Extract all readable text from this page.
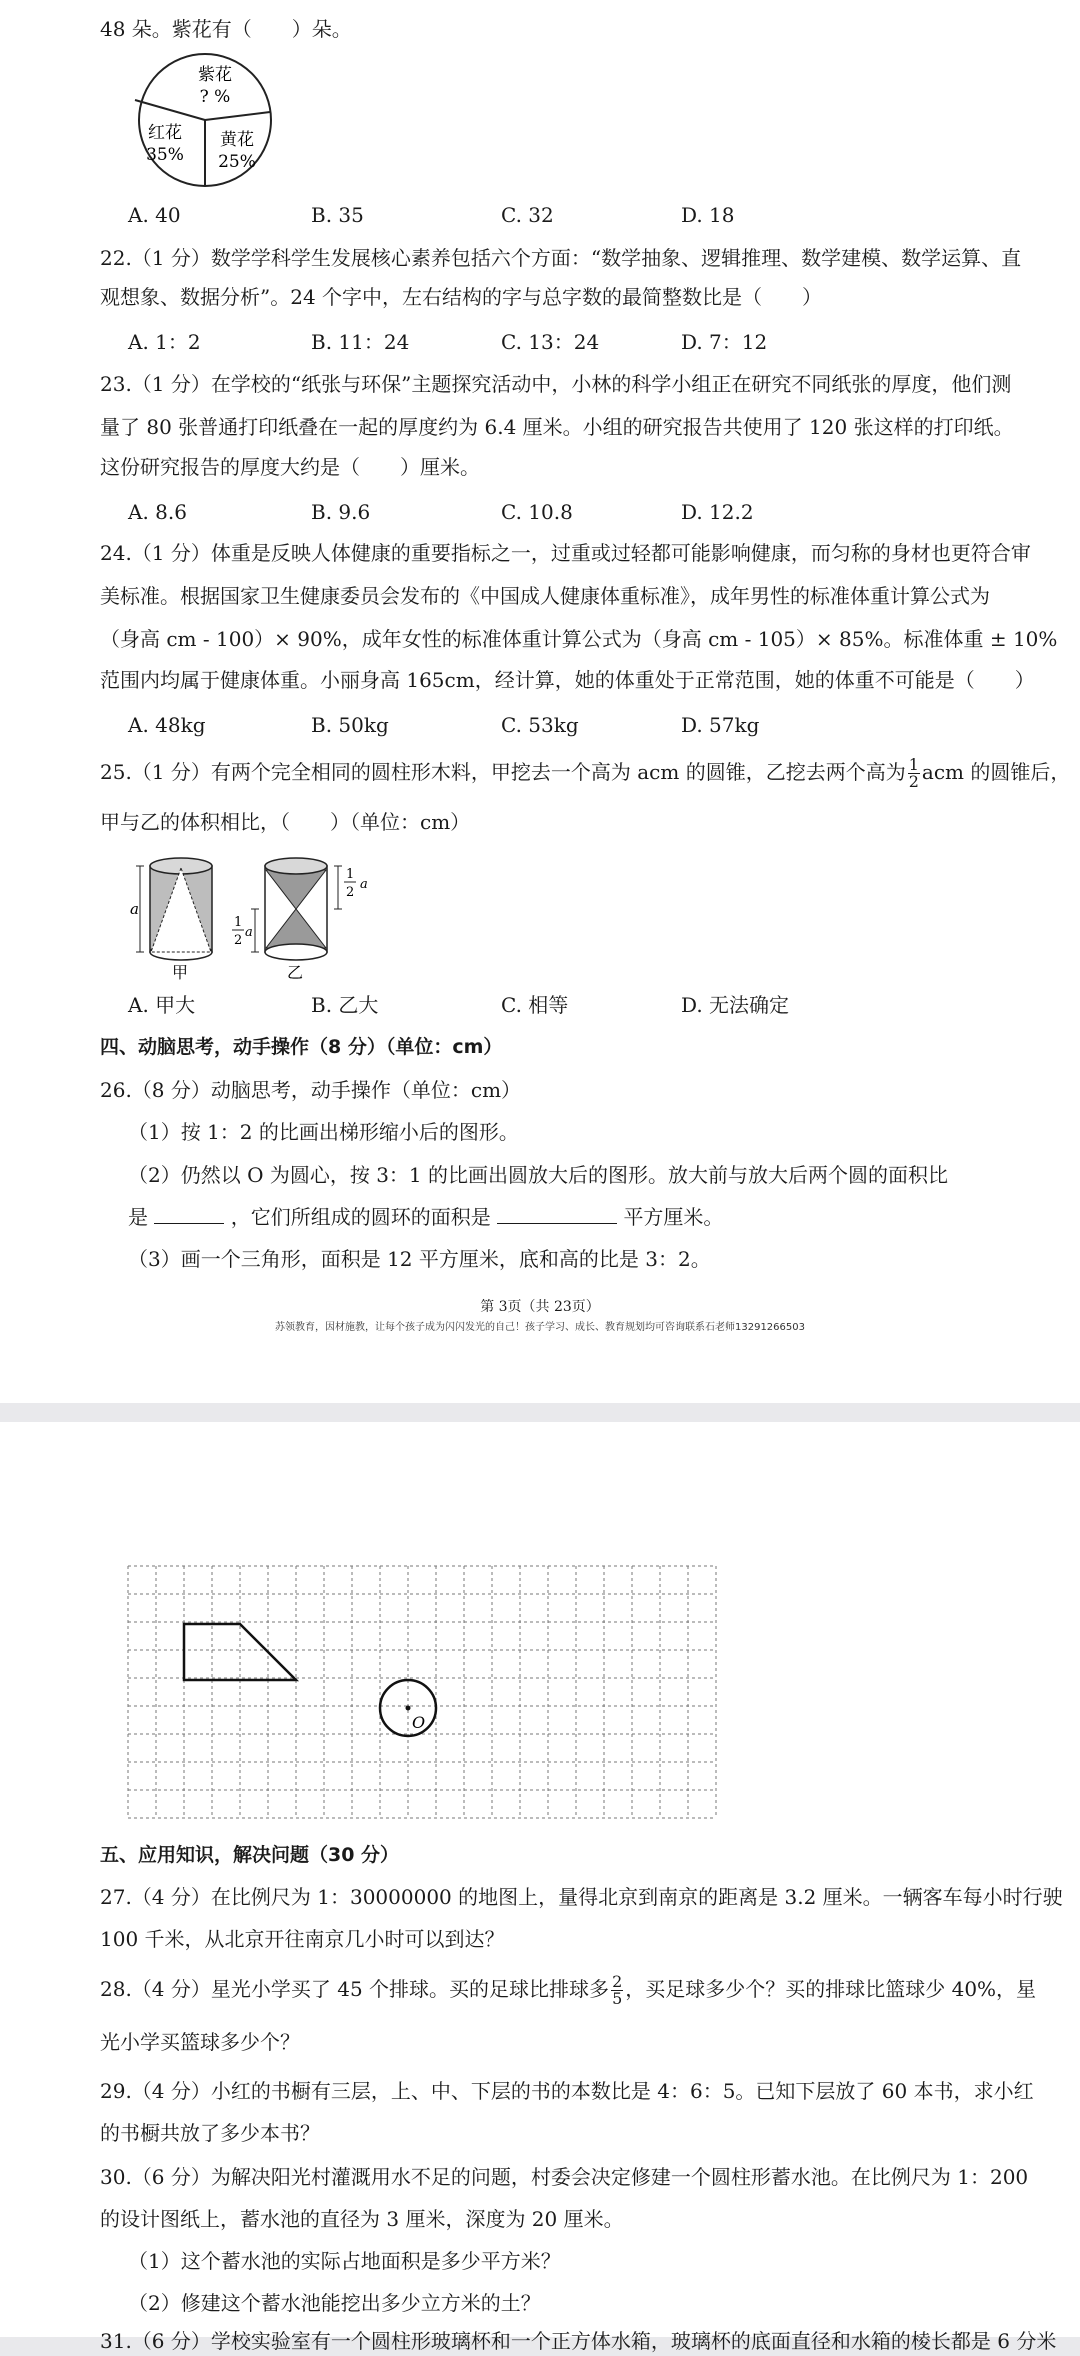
48 朵。紫花有（　　）朵。
紫花
? %
红花
35%
黄花
25%
A. 40	B. 35	C. 32	D. 18
22.（1 分）数学学科学生发展核心素养包括六个方面：“数学抽象、逻辑推理、数学建模、数学运算、直
观想象、数据分析”。24 个字中，左右结构的字与总字数的最简整数比是（　　）
A. 1：2	B. 11：24	C. 13：24	D. 7：12
23.（1 分）在学校的“纸张与环保”主题探究活动中，小林的科学小组正在研究不同纸张的厚度，他们测
量了 80 张普通打印纸叠在一起的厚度约为 6.4 厘米。小组的研究报告共使用了 120 张这样的打印纸。
这份研究报告的厚度大约是（　　）厘米。
A. 8.6	B. 9.6	C. 10.8	D. 12.2
24.（1 分）体重是反映人体健康的重要指标之一，过重或过轻都可能影响健康，而匀称的身材也更符合审
美标准。根据国家卫生健康委员会发布的《中国成人健康体重标准》，成年男性的标准体重计算公式为
（身高 cm - 100）× 90%，成年女性的标准体重计算公式为（身高 cm - 105）× 85%。标准体重 ± 10%
范围内均属于健康体重。小丽身高 165cm，经计算，她的体重处于正常范围，她的体重不可能是（　　）
A. 48kg	B. 50kg	C. 53kg	D. 57kg
25.（1 分）有两个完全相同的圆柱形木料，甲挖去一个高为 acm 的圆锥，乙挖去两个高为 $\frac{1}{2}$ acm 的圆锥后，
甲与乙的体积相比，（　　）（单位：cm）
a
甲
1
2
a
1
2
a
乙
A. 甲大	B. 乙大	C. 相等	D. 无法确定
四、动脑思考，动手操作（8 分）（单位：cm）
26.（8 分）动脑思考，动手操作（单位：cm）
（1）按 1：2 的比画出梯形缩小后的图形。
（2）仍然以 O 为圆心，按 3：1 的比画出圆放大后的图形。放大前与放大后两个圆的面积比
是	，它们所组成的圆环的面积是	平方厘米。
（3）画一个三角形，面积是 12 平方厘米，底和高的比是 3：2。
第 3页（共 23页）
苏领教育，因材施教，让每个孩子成为闪闪发光的自己！孩子学习、成长、教育规划均可咨询联系石老师13291266503
O
五、应用知识，解决问题（30 分）
27.（4 分）在比例尺为 1：30000000 的地图上，量得北京到南京的距离是 3.2 厘米。一辆客车每小时行驶
100 千米，从北京开往南京几小时可以到达？
28.（4 分）星光小学买了 45 个排球。买的足球比排球多 $\frac{2}{5}$ ，买足球多少个？买的排球比篮球少 40%，星
光小学买篮球多少个？
29.（4 分）小红的书橱有三层，上、中、下层的书的本数比是 4：6：5。已知下层放了 60 本书，求小红
的书橱共放了多少本书？
30.（6 分）为解决阳光村灌溉用水不足的问题，村委会决定修建一个圆柱形蓄水池。在比例尺为 1：200
的设计图纸上，蓄水池的直径为 3 厘米，深度为 20 厘米。
（1）这个蓄水池的实际占地面积是多少平方米？
（2）修建这个蓄水池能挖出多少立方米的土？
31.（6 分）学校实验室有一个圆柱形玻璃杯和一个正方体水箱，玻璃杯的底面直径和水箱的棱长都是 6 分米
